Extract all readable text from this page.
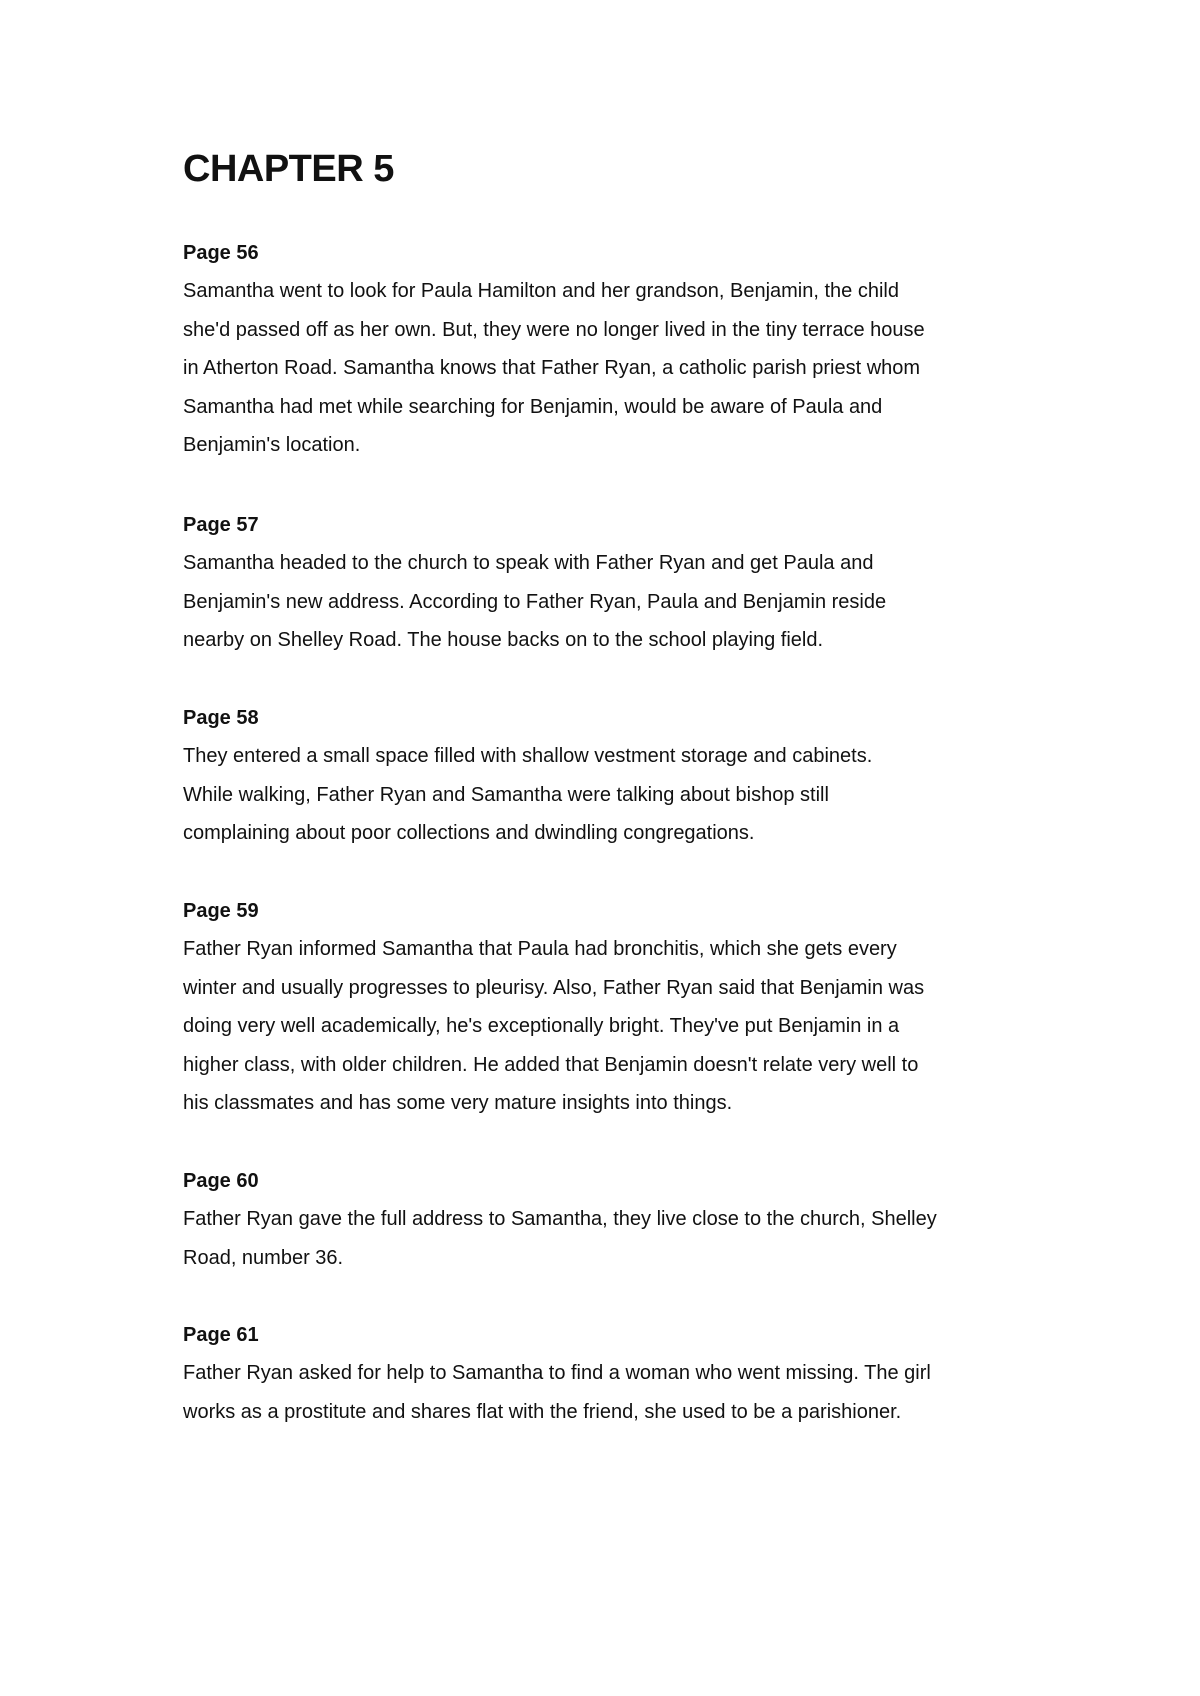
CHAPTER 5
Page 56
Samantha went to look for Paula Hamilton and her grandson, Benjamin, the child
she'd passed off as her own. But, they were no longer lived in the tiny terrace house
in Atherton Road. Samantha knows that Father Ryan, a catholic parish priest whom
Samantha had met while searching for Benjamin, would be aware of Paula and
Benjamin's location.
Page 57
Samantha headed to the church to speak with Father Ryan and get Paula and
Benjamin's new address. According to Father Ryan, Paula and Benjamin reside
nearby on Shelley Road. The house backs on to the school playing field.
Page 58
They entered a small space filled with shallow vestment storage and cabinets.
While walking, Father Ryan and Samantha were talking about bishop still
complaining about poor collections and dwindling congregations.
Page 59
Father Ryan informed Samantha that Paula had bronchitis, which she gets every
winter and usually progresses to pleurisy. Also, Father Ryan said that Benjamin was
doing very well academically, he's exceptionally bright. They've put Benjamin in a
higher class, with older children. He added that Benjamin doesn't relate very well to
his classmates and has some very mature insights into things.
Page 60
Father Ryan gave the full address to Samantha, they live close to the church, Shelley
Road, number 36.
Page 61
Father Ryan asked for help to Samantha to find a woman who went missing. The girl
works as a prostitute and shares flat with the friend, she used to be a parishioner.
